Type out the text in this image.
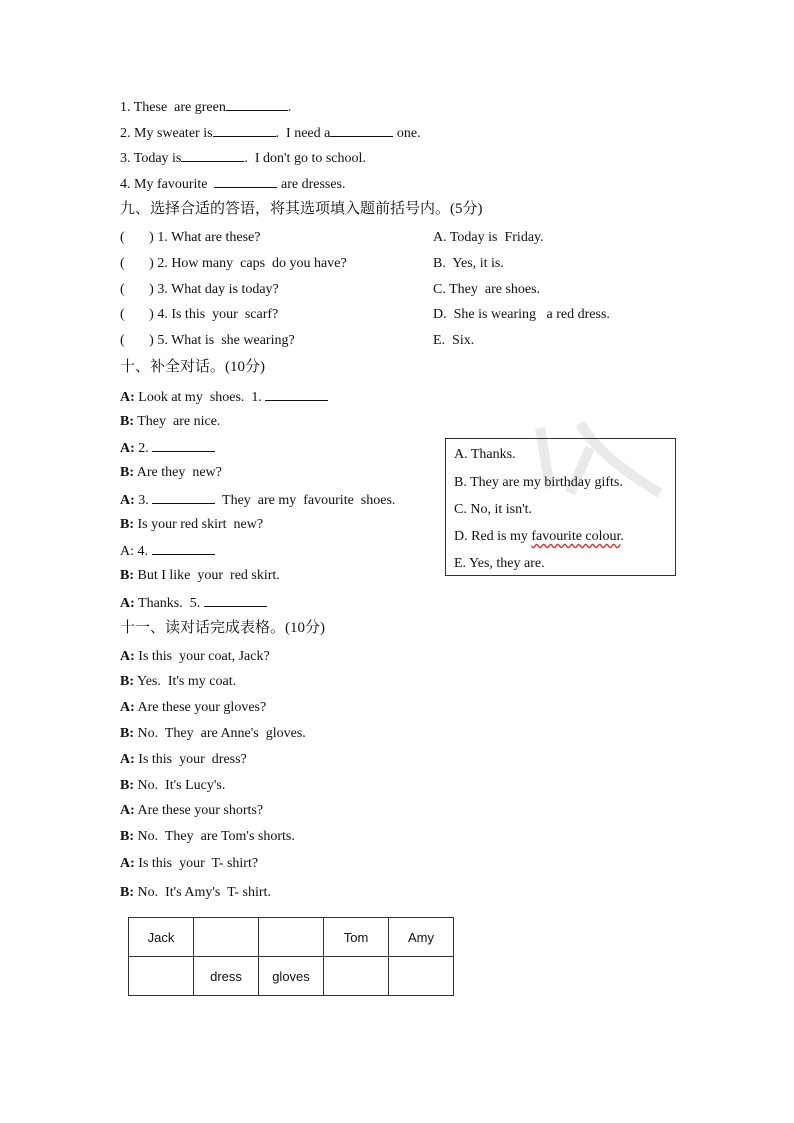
1. These  are green	.
2. My sweater is	.  I need a	one.
3. Today is	.  I don't go to school.
4. My favourite	are dresses.
九、选择合适的答语，将其选项填入题前括号内。(5分)
(       ) 1. What are these?
(       ) 2. How many  caps  do you have?
(       ) 3. What day is today?
(       ) 4. Is this  your  scarf?
(       ) 5. What is  she wearing?
A. Today is  Friday.
B.  Yes, it is.
C. They  are shoes.
D.  She is wearing   a red dress.
E.  Six.
十、补全对话。(10分)
A: Look at my  shoes.  1.
B: They  are nice.
A: 2.
B: Are they  new?
A: 3.	They  are my  favourite  shoes.
B: Is your red skirt  new?
A: 4.
B: But I like  your  red skirt.
A: Thanks.  5.
A. Thanks.
B. They are my birthday gifts.
C. No, it isn't.
D. Red is my favourite colour.
E. Yes, they are.
十一、读对话完成表格。(10分)
A: Is this  your coat, Jack?
B: Yes.  It's my coat.
A: Are these your gloves?
B: No.  They  are Anne's  gloves.
A: Is this  your  dress?
B: No.  It's Lucy's.
A: Are these your shorts?
B: No.  They  are Tom's shorts.
A: Is this  your  T- shirt?
B: No.  It's Amy's  T- shirt.
Jack			Tom	Amy
	dress	gloves		
